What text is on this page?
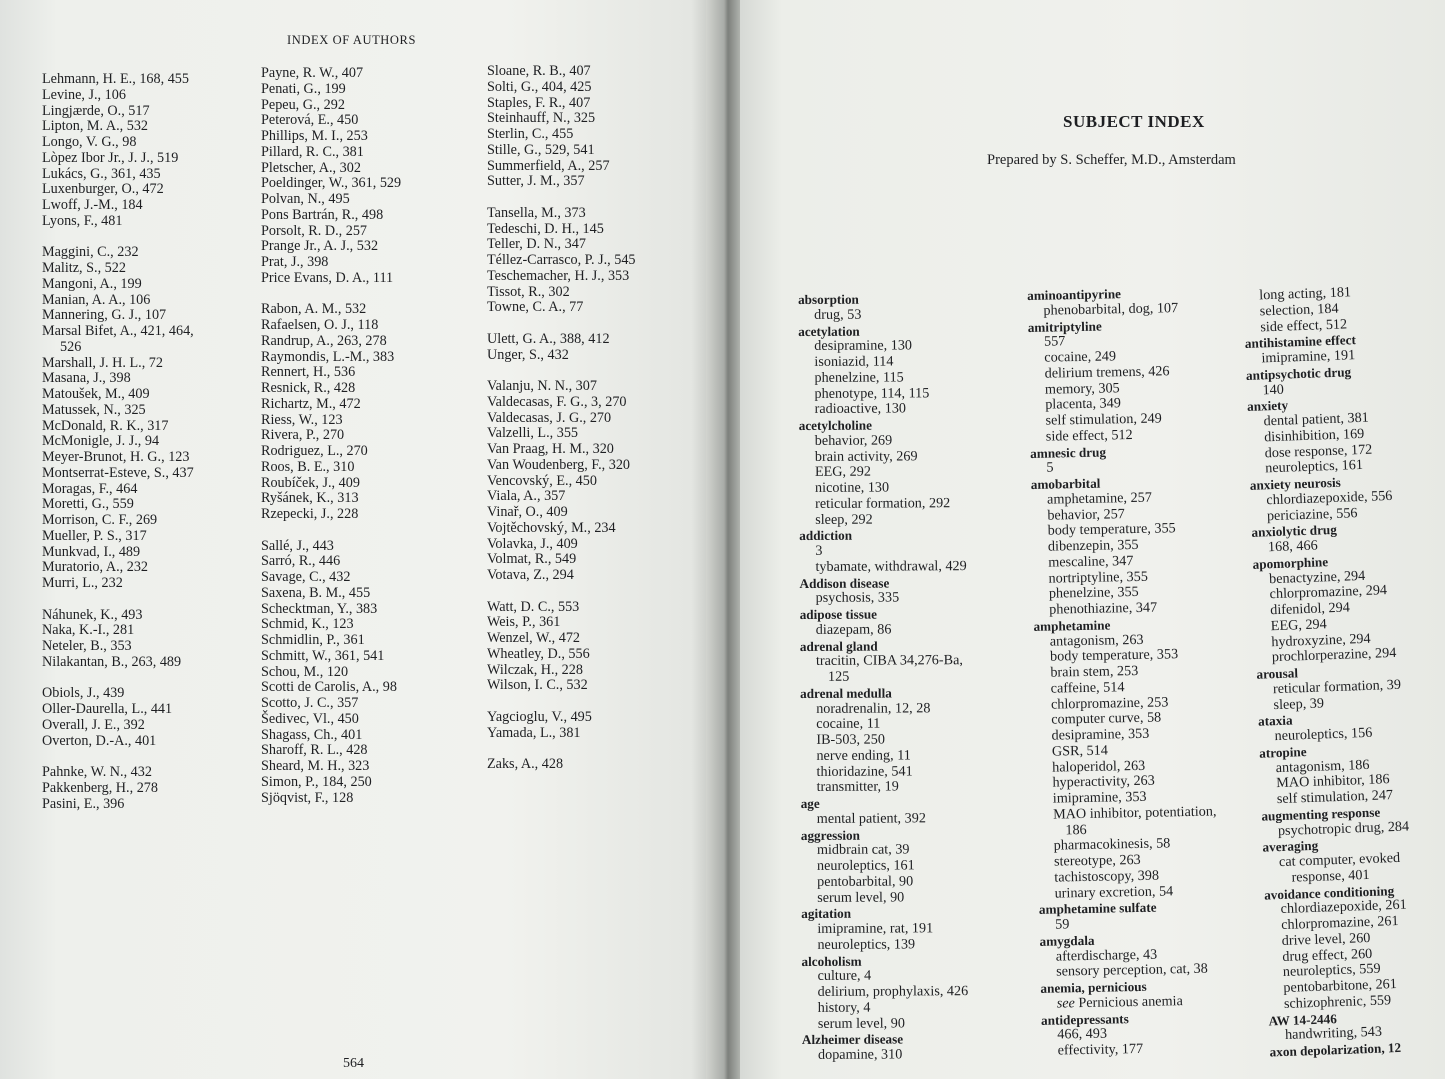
INDEX OF AUTHORS
Lehmann, H. E., 168, 455
Levine, J., 106
Lingjærde, O., 517
Lipton, M. A., 532
Longo, V. G., 98
Lòpez Ibor Jr., J. J., 519
Lukács, G., 361, 435
Luxenburger, O., 472
Lwoff, J.-M., 184
Lyons, F., 481
Maggini, C., 232
Malitz, S., 522
Mangoni, A., 199
Manian, A. A., 106
Mannering, G. J., 107
Marsal Bifet, A., 421, 464,
526
Marshall, J. H. L., 72
Masana, J., 398
Matoušek, M., 409
Matussek, N., 325
McDonald, R. K., 317
McMonigle, J. J., 94
Meyer-Brunot, H. G., 123
Montserrat-Esteve, S., 437
Moragas, F., 464
Moretti, G., 559
Morrison, C. F., 269
Mueller, P. S., 317
Munkvad, I., 489
Muratorio, A., 232
Murri, L., 232
Náhunek, K., 493
Naka, K.-I., 281
Neteler, B., 353
Nilakantan, B., 263, 489
Obiols, J., 439
Oller-Daurella, L., 441
Overall, J. E., 392
Overton, D.-A., 401
Pahnke, W. N., 432
Pakkenberg, H., 278
Pasini, E., 396
Payne, R. W., 407
Penati, G., 199
Pepeu, G., 292
Peterová, E., 450
Phillips, M. I., 253
Pillard, R. C., 381
Pletscher, A., 302
Poeldinger, W., 361, 529
Polvan, N., 495
Pons Bartrán, R., 498
Porsolt, R. D., 257
Prange Jr., A. J., 532
Prat, J., 398
Price Evans, D. A., 111
Rabon, A. M., 532
Rafaelsen, O. J., 118
Randrup, A., 263, 278
Raymondis, L.-M., 383
Rennert, H., 536
Resnick, R., 428
Richartz, M., 472
Riess, W., 123
Rivera, P., 270
Rodriguez, L., 270
Roos, B. E., 310
Roubíček, J., 409
Ryšánek, K., 313
Rzepecki, J., 228
Sallé, J., 443
Sarró, R., 446
Savage, C., 432
Saxena, B. M., 455
Schecktman, Y., 383
Schmid, K., 123
Schmidlin, P., 361
Schmitt, W., 361, 541
Schou, M., 120
Scotti de Carolis, A., 98
Scotto, J. C., 357
Šedivec, Vl., 450
Shagass, Ch., 401
Sharoff, R. L., 428
Sheard, M. H., 323
Simon, P., 184, 250
Sjöqvist, F., 128
Sloane, R. B., 407
Solti, G., 404, 425
Staples, F. R., 407
Steinhauff, N., 325
Sterlin, C., 455
Stille, G., 529, 541
Summerfield, A., 257
Sutter, J. M., 357
Tansella, M., 373
Tedeschi, D. H., 145
Teller, D. N., 347
Téllez-Carrasco, P. J., 545
Teschemacher, H. J., 353
Tissot, R., 302
Towne, C. A., 77
Ulett, G. A., 388, 412
Unger, S., 432
Valanju, N. N., 307
Valdecasas, F. G., 3, 270
Valdecasas, J. G., 270
Valzelli, L., 355
Van Praag, H. M., 320
Van Woudenberg, F., 320
Vencovský, E., 450
Viala, A., 357
Vinař, O., 409
Vojtěchovský, M., 234
Volavka, J., 409
Volmat, R., 549
Votava, Z., 294
Watt, D. C., 553
Weis, P., 361
Wenzel, W., 472
Wheatley, D., 556
Wilczak, H., 228
Wilson, I. C., 532
Yagcioglu, V., 495
Yamada, L., 381
Zaks, A., 428
564
SUBJECT INDEX
Prepared by S. Scheffer, M.D., Amsterdam
absorption
drug, 53
acetylation
desipramine, 130
isoniazid, 114
phenelzine, 115
phenotype, 114, 115
radioactive, 130
acetylcholine
behavior, 269
brain activity, 269
EEG, 292
nicotine, 130
reticular formation, 292
sleep, 292
addiction
3
tybamate, withdrawal, 429
Addison disease
psychosis, 335
adipose tissue
diazepam, 86
adrenal gland
tracitin, CIBA 34,276-Ba,
125
adrenal medulla
noradrenalin, 12, 28
cocaine, 11
IB-503, 250
nerve ending, 11
thioridazine, 541
transmitter, 19
age
mental patient, 392
aggression
midbrain cat, 39
neuroleptics, 161
pentobarbital, 90
serum level, 90
agitation
imipramine, rat, 191
neuroleptics, 139
alcoholism
culture, 4
delirium, prophylaxis, 426
history, 4
serum level, 90
Alzheimer disease
dopamine, 310
aminoantipyrine
phenobarbital, dog, 107
amitriptyline
557
cocaine, 249
delirium tremens, 426
memory, 305
placenta, 349
self stimulation, 249
side effect, 512
amnesic drug
5
amobarbital
amphetamine, 257
behavior, 257
body temperature, 355
dibenzepin, 355
mescaline, 347
nortriptyline, 355
phenelzine, 355
phenothiazine, 347
amphetamine
antagonism, 263
body temperature, 353
brain stem, 253
caffeine, 514
chlorpromazine, 253
computer curve, 58
desipramine, 353
GSR, 514
haloperidol, 263
hyperactivity, 263
imipramine, 353
MAO inhibitor, potentiation,
186
pharmacokinesis, 58
stereotype, 263
tachistoscopy, 398
urinary excretion, 54
amphetamine sulfate
59
amygdala
afterdischarge, 43
sensory perception, cat, 38
anemia, pernicious
see Pernicious anemia
antidepressants
466, 493
effectivity, 177
long acting, 181
selection, 184
side effect, 512
antihistamine effect
imipramine, 191
antipsychotic drug
140
anxiety
dental patient, 381
disinhibition, 169
dose response, 172
neuroleptics, 161
anxiety neurosis
chlordiazepoxide, 556
periciazine, 556
anxiolytic drug
168, 466
apomorphine
benactyzine, 294
chlorpromazine, 294
difenidol, 294
EEG, 294
hydroxyzine, 294
prochlorperazine, 294
arousal
reticular formation, 39
sleep, 39
ataxia
neuroleptics, 156
atropine
antagonism, 186
MAO inhibitor, 186
self stimulation, 247
augmenting response
psychotropic drug, 284
averaging
cat computer, evoked
response, 401
avoidance conditioning
chlordiazepoxide, 261
chlorpromazine, 261
drive level, 260
drug effect, 260
neuroleptics, 559
pentobarbitone, 261
schizophrenic, 559
AW 14-2446
handwriting, 543
axon depolarization, 12
